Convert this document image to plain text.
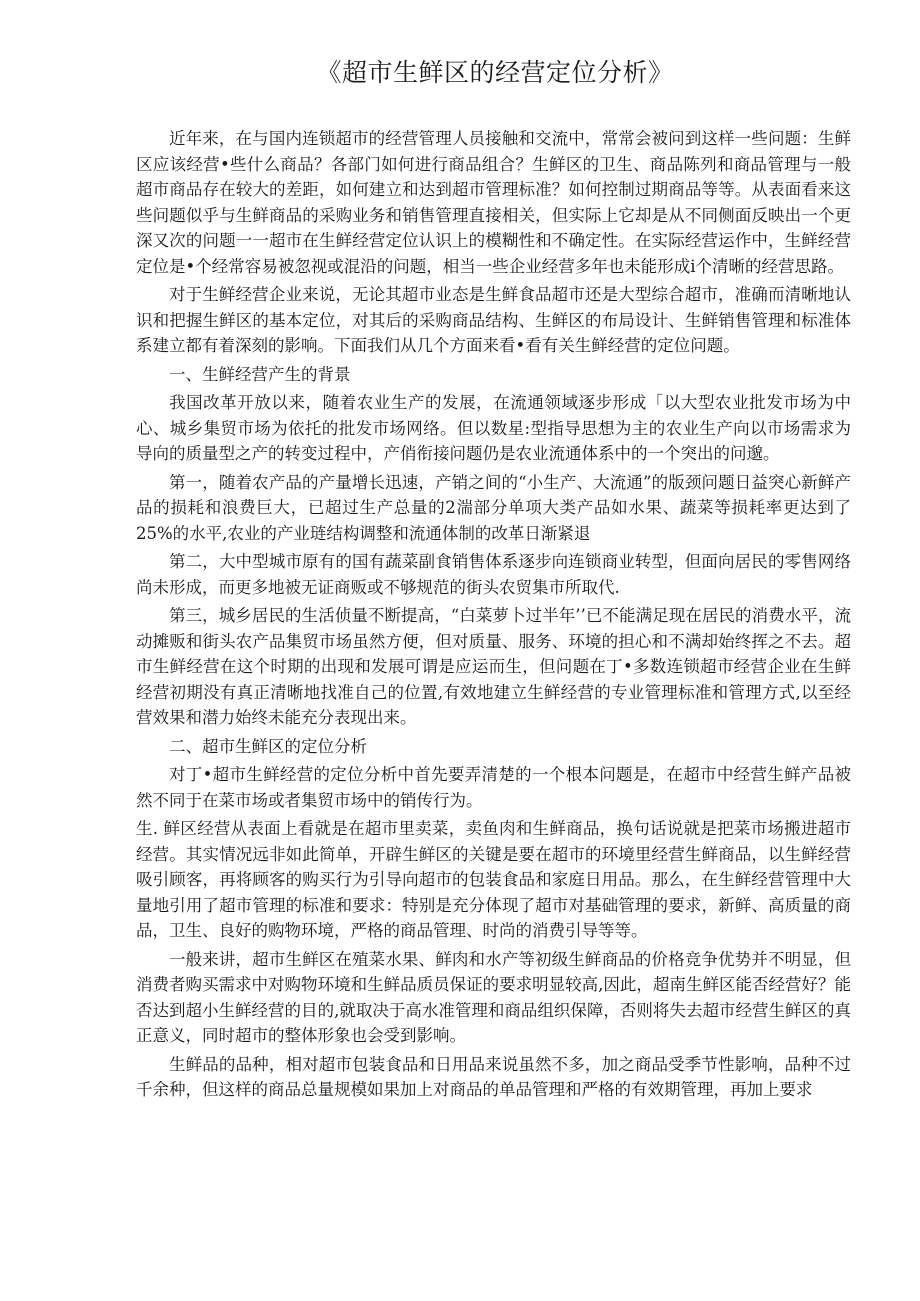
《超市生鲜区的经营定位分析》

近年来，在与国内连锁超市的经营管理人员接触和交流中，常常会被问到这样一些问题：生鲜区应该经营•些什么商品？各部门如何进行商品组合？生鲜区的卫生、商品陈列和商品管理与一般超市商品存在较大的差距，如何建立和达到超市管理标准？如何控制过期商品等等。从表面看来这些问题似乎与生鲜商品的采购业务和销售管理直接相关，但实际上它却是从不同侧面反映出一个更深又次的问题一一超市在生鲜经营定位认识上的模糊性和不确定性。在实际经营运作中，生鲜经营定位是•个经常容易被忽视或混沿的问题，相当一些企业经营多年也未能形成i个清晰的经营思路。

对于生鲜经营企业来说，无论其超市业态是生鲜食品超市还是大型综合超市，准确而清晰地认识和把握生鲜区的基本定位，对其后的采购商品结构、生鲜区的布局设计、生鲜销售管理和标准体系建立都有着深刻的影响。下面我们从几个方面来看•看有关生鲜经营的定位问题。

一、生鲜经营产生的背景

我国改革开放以来，随着农业生产的发展，在流通领域逐步形成「以大型农业批发市场为中心、城乡集贸市场为依托的批发市场网络。但以数星:型指导思想为主的农业生产向以市场需求为导向的质量型之产的转变过程中，产俏衔接问题仍是农业流通体系中的一个突出的问邈。

第一，随着农产品的产量增长迅速，产销之间的“小生产、大流通”的版颈问题日益突心新鲜产品的损耗和浪费巨大，已超过生产总量的2湍部分单项大类产品如水果、蔬菜等损耗率更达到了25%的水平,农业的产业琏结构调整和流通体制的改革日渐紧退

第二，大中型城市原有的国有蔬菜副食销售体系逐步向连锁商业转型，但面向居民的零售网络尚未形成，而更多地被无证商贩或不够规范的街头农贸集市所取代.

第三，城乡居民的生活侦量不断提高，“白菜萝卜过半年’’已不能满足现在居民的消费水平，流动摊贩和街头农产品集贸市场虽然方便，但对质量、服务、环境的担心和不满却始终挥之不去。超市生鲜经营在这个时期的出现和发展可谓是应运而生，但问题在丁•多数连锁超市经营企业在生鲜经营初期没有真正清晰地找准自己的位置,有效地建立生鲜经营的专业管理标准和管理方式,以至经营效果和潜力始终未能充分表现出来。

二、超市生鲜区的定位分析

对丁•超市生鲜经营的定位分析中首先要弄清楚的一个根本问题是，在超市中经营生鲜产品被然不同于在菜市场或者集贸市场中的销传行为。

生. 鲜区经营从表面上看就是在超市里卖菜，卖鱼肉和生鲜商品，换句话说就是把菜市场搬进超市经营。其实情况远非如此简单，开辟生鲜区的关键是要在超市的环境里经营生鲜商品，以生鲜经营吸引顾客，再将顾客的购买行为引导向超市的包装食品和家庭日用品。那么，在生鲜经营管理中大量地引用了超市管理的标准和要求：特别是充分体现了超市对基础管理的要求，新鲜、高质量的商品，卫生、良好的购物环境，严格的商品管理、时尚的消费引导等等。

一般来讲，超市生鲜区在殖菜水果、鲜肉和水产等初级生鲜商品的价格竞争优势并不明显，但消费者购买需求中对购物环境和生鲜品质员保证的要求明显较高,因此，超南生鲜区能否经营好？能否达到超小生鲜经营的目的,就取决于高水准管理和商品组织保障，否则将失去超市经营生鲜区的真正意义，同时超市的整体形象也会受到影响。

生鲜品的品种，相对超市包装食品和日用品来说虽然不多，加之商品受季节性影响，品种不过千余种，但这样的商品总量规模如果加上对商品的单品管理和严格的有效期管理，再加上要求
